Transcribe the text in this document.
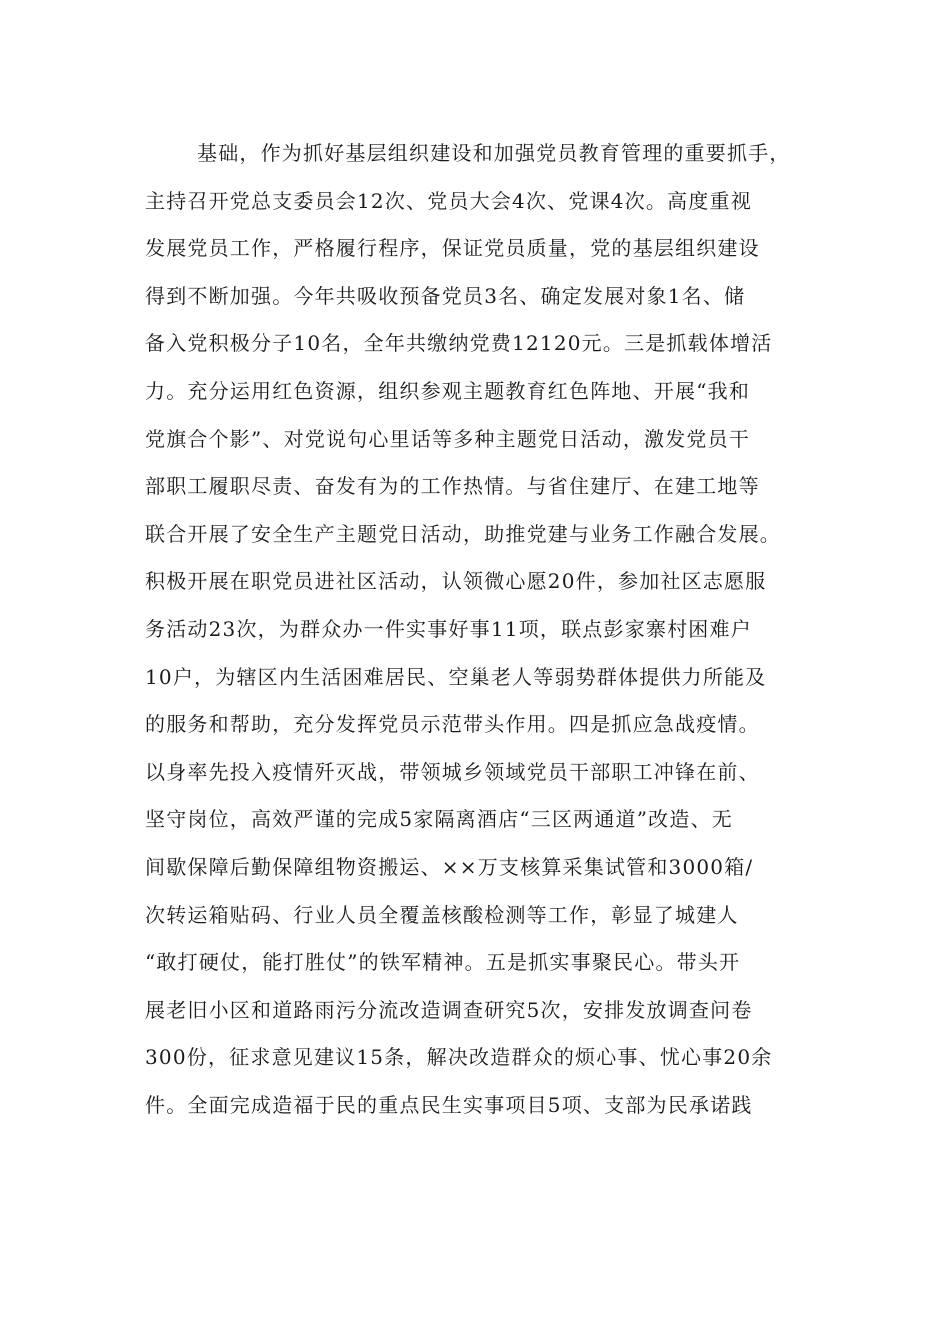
基础，作为抓好基层组织建设和加强党员教育管理的重要抓手，
主持召开党总支委员会12次、党员大会4次、党课4次。高度重视
发展党员工作，严格履行程序，保证党员质量，党的基层组织建设
得到不断加强。今年共吸收预备党员3名、确定发展对象1名、储
备入党积极分子10名，全年共缴纳党费12120元。三是抓载体增活
力。充分运用红色资源，组织参观主题教育红色阵地、开展“我和
党旗合个影”、对党说句心里话等多种主题党日活动，激发党员干
部职工履职尽责、奋发有为的工作热情。与省住建厅、在建工地等
联合开展了安全生产主题党日活动，助推党建与业务工作融合发展。
积极开展在职党员进社区活动，认领微心愿20件，参加社区志愿服
务活动23次，为群众办一件实事好事11项，联点彭家寨村困难户
10户，为辖区内生活困难居民、空巢老人等弱势群体提供力所能及
的服务和帮助，充分发挥党员示范带头作用。四是抓应急战疫情。
以身率先投入疫情歼灭战，带领城乡领域党员干部职工冲锋在前、
坚守岗位，高效严谨的完成5家隔离酒店“三区两通道”改造、无
间歇保障后勤保障组物资搬运、××万支核算采集试管和3000箱/
次转运箱贴码、行业人员全覆盖核酸检测等工作，彰显了城建人
“敢打硬仗，能打胜仗”的铁军精神。五是抓实事聚民心。带头开
展老旧小区和道路雨污分流改造调查研究5次，安排发放调查问卷
300份，征求意见建议15条，解决改造群众的烦心事、忧心事20余
件。全面完成造福于民的重点民生实事项目5项、支部为民承诺践
